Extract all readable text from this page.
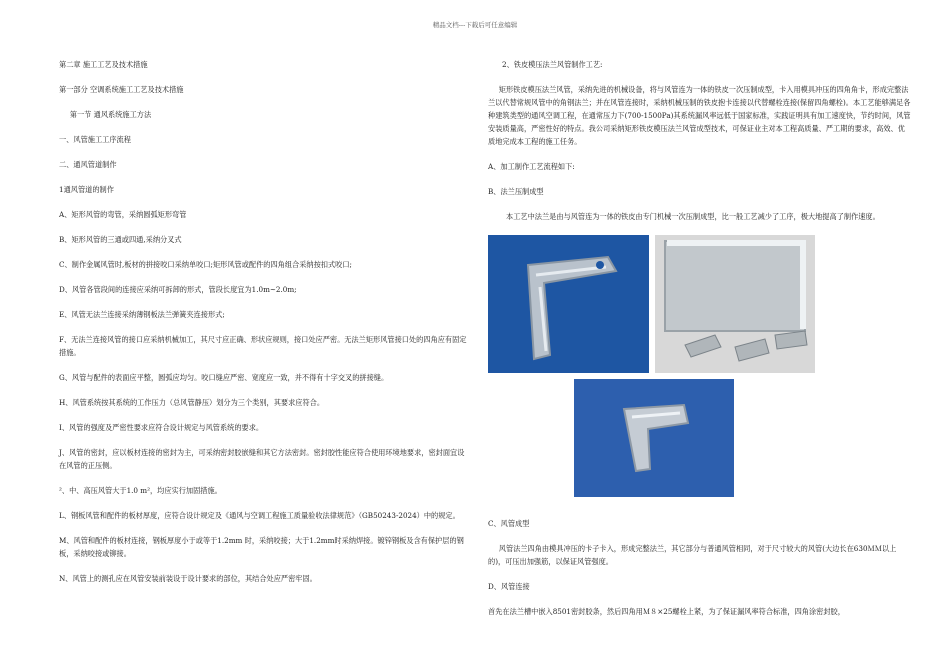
精品文档---下载后可任意编辑

第二章 施工工艺及技术措施

第一部分 空调系统施工工艺及技术措施

第一节 通风系统施工方法

一、风管施工工序流程

二、通风管道制作

1通风管道的制作

A、矩形风管的弯管，采纳圆弧矩形弯管

B、矩形风管的三通或四通,采纳分叉式

C、制作金属风管时,板材的拼接咬口采纳单咬口;矩形风管或配件的四角组合采纳按扣式咬口;

D、风管各管段间的连接应采纳可拆卸的形式，管段长度宜为1.0m~2.0m;

E、风管无法兰连接采纳薄钢板法兰弹簧夹连接形式;

F、无法兰连接风管的接口应采纳机械加工，其尺寸应正确、形状应规则，接口处应严密。无法兰矩形风管接口处的四角应有固定措施。

G、风管与配件的表面应平整，圆弧应均匀。咬口缝应严密、宽度应一致，并不得有十字交叉的拼接缝。

H、风管系统按其系统的工作压力（总风管静压）划分为三个类别，其要求应符合。

I、风管的强度及严密性要求应符合设计规定与风管系统的要求。

J、风管的密封，应以板材连接的密封为主，可采纳密封胶嵌缝和其它方法密封。密封胶性能应符合使用环境地要求，密封面宜设在风管的正压侧。

²、中、高压风管大于1.0 m²，均应实行加固措施。

L、钢板风管和配件的板材厚度，应符合设计规定及《通风与空调工程施工质量验收法律规范》（GB50243-2024）中的规定。

M、风管和配件的板材连接，钢板厚度小于或等于1.2mm 时，采纳咬接；大于1.2mm时采纳焊接。镀锌钢板及含有保护层的钢板，采纳咬接或铆接。

N、风管上的测孔应在风管安装前装设于设计要求的部位，其结合处应严密牢固。

2、铁皮模压法兰风管制作工艺:

矩形铁皮模压法兰风管，采纳先进的机械设备，将与风管连为一体的铁皮一次压制成型，卡入用模具冲压的四角角卡，形成完整法兰以代替常规风管中的角钢法兰；并在风管连接时，采纳机械压制的铁皮抱卡连接以代替螺栓连接(保留四角螺栓)。本工艺能够满足各种建筑类型的通风空调工程，在通常压力下(700-1500Pa)其系统漏风率远低于国家标准，实践证明具有加工速度快，节约时间，风管安装质量高，严密性好的特点。我公司采纳矩形铁皮模压法兰风管成型技术，可保证业主对本工程高质量、严工期的要求，高效、优质地完成本工程的施工任务。

A、加工制作工艺流程如下:

B、法兰压制成型

本工艺中法兰是由与风管连为一体的铁皮由专门机械一次压制成型，比一般工艺减少了工序，极大地提高了制作速度。

C、风管成型

风管法兰四角由模具冲压的卡子卡入，形成完整法兰，其它部分与普通风管相同，对于尺寸较大的风管(大边长在630ＭＭ以上的)，可压出加强筋，以保证风管强度。

D、风管连接

首先在法兰槽中嵌入8501密封胶条，然后四角用Ｍ８×25螺栓上紧，为了保证漏风率符合标准，四角涂密封胶，
